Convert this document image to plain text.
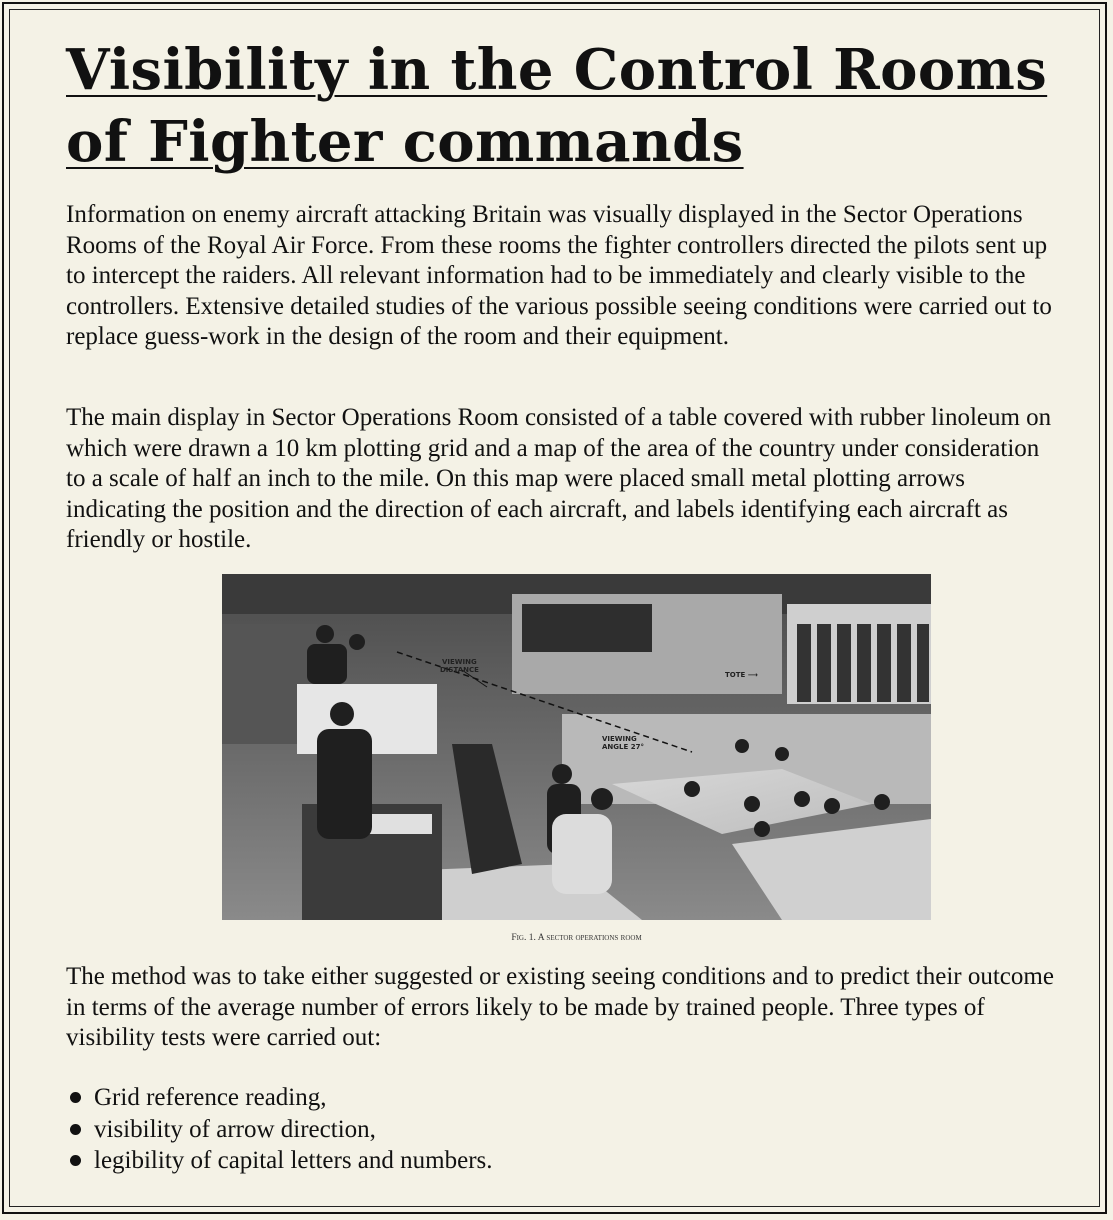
Visibility in the Control Rooms of Fighter commands

Information on enemy aircraft attacking Britain was visually displayed in the Sector Operations Rooms of the Royal Air Force. From these rooms the fighter controllers directed the pilots sent up to intercept the raiders. All relevant information had to be immediately and clearly visible to the controllers. Extensive detailed studies of the various possible seeing conditions were carried out to replace guess-work in the design of the room and their equipment.

The main display in Sector Operations Room consisted of a table covered with rubber linoleum on which were drawn a 10 km plotting grid and a map of the area of the country under consideration to a scale of half an inch to the mile. On this map were placed small metal plotting arrows indicating the position and the direction of each aircraft, and labels identifying each aircraft as friendly or hostile.

VIEWING
DISTANCE
VIEWING
ANGLE 27°
TOTE ⟶
Fig. 1. A sector operations room

The method was to take either suggested or existing seeing conditions and to predict their outcome in terms of the average number of errors likely to be made by trained people. Three types of visibility tests were carried out:

Grid reference reading,
visibility of arrow direction,
legibility of capital letters and numbers.
